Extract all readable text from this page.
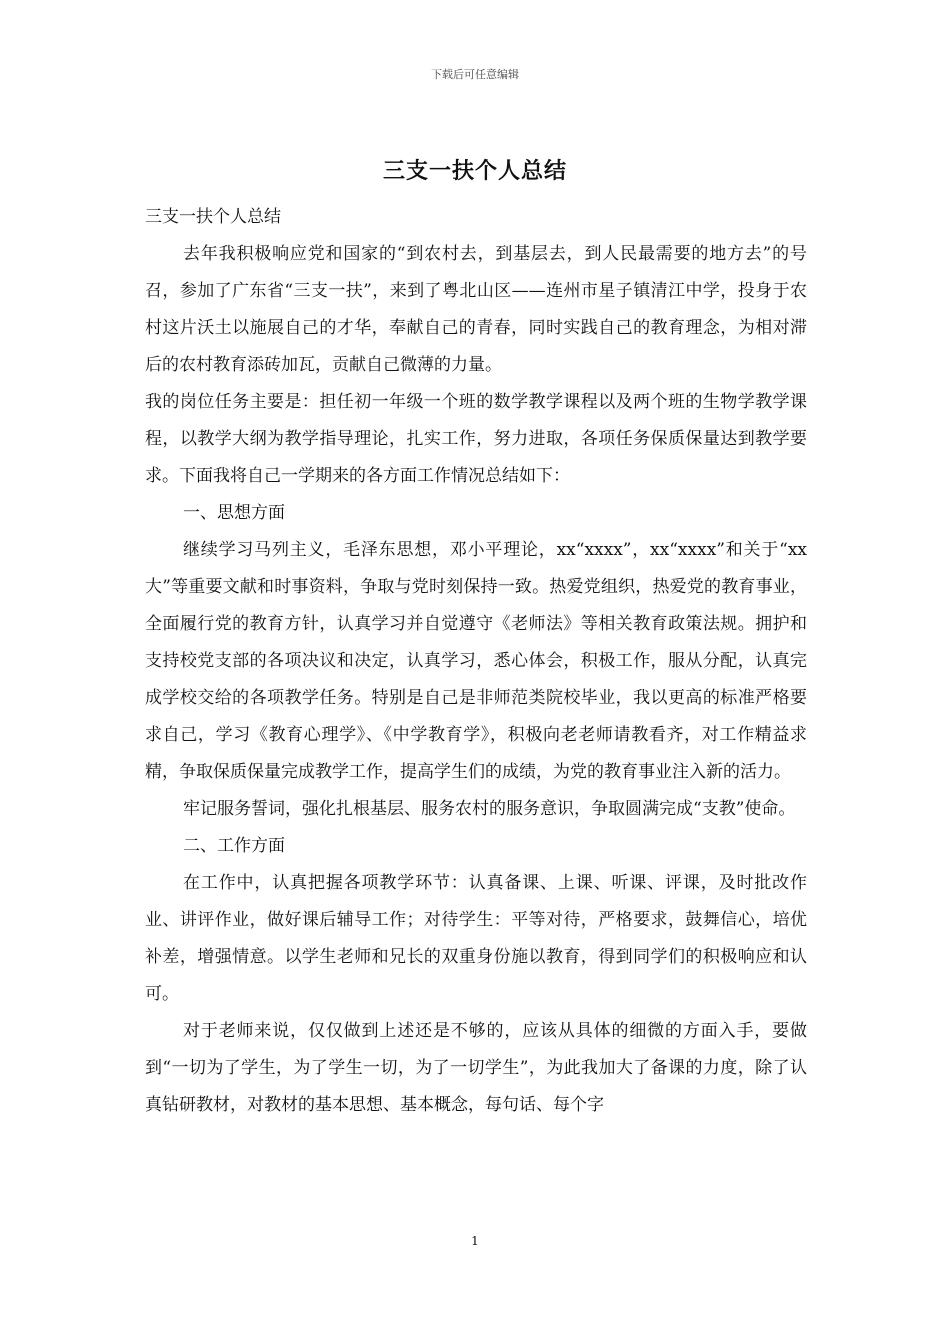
下载后可任意编辑
三支一扶个人总结

三支一扶个人总结

去年我积极响应党和国家的“到农村去，到基层去，到人民最需要的地方去”的号召，参加了广东省“三支一扶”，来到了粤北山区——连州市星子镇清江中学，投身于农村这片沃土以施展自己的才华，奉献自己的青春，同时实践自己的教育理念，为相对滞后的农村教育添砖加瓦，贡献自己微薄的力量。

我的岗位任务主要是：担任初一年级一个班的数学教学课程以及两个班的生物学教学课程，以教学大纲为教学指导理论，扎实工作，努力进取，各项任务保质保量达到教学要求。下面我将自己一学期来的各方面工作情况总结如下：

一、思想方面

继续学习马列主义，毛泽东思想，邓小平理论，xx“xxxx”，xx“xxxx”和关于“xx大”等重要文献和时事资料，争取与党时刻保持一致。热爱党组织，热爱党的教育事业，全面履行党的教育方针，认真学习并自觉遵守《老师法》等相关教育政策法规。拥护和支持校党支部的各项决议和决定，认真学习，悉心体会，积极工作，服从分配，认真完成学校交给的各项教学任务。特别是自己是非师范类院校毕业，我以更高的标准严格要求自己，学习《教育心理学》、《中学教育学》，积极向老老师请教看齐，对工作精益求精，争取保质保量完成教学工作，提高学生们的成绩，为党的教育事业注入新的活力。

牢记服务誓词，强化扎根基层、服务农村的服务意识，争取圆满完成“支教”使命。

二、工作方面

在工作中，认真把握各项教学环节：认真备课、上课、听课、评课，及时批改作业、讲评作业，做好课后辅导工作；对待学生：平等对待，严格要求，鼓舞信心，培优补差，增强情意。以学生老师和兄长的双重身份施以教育，得到同学们的积极响应和认可。

对于老师来说，仅仅做到上述还是不够的，应该从具体的细微的方面入手，要做到“一切为了学生，为了学生一切，为了一切学生”，为此我加大了备课的力度，除了认真钻研教材，对教材的基本思想、基本概念，每句话、每个字

1
